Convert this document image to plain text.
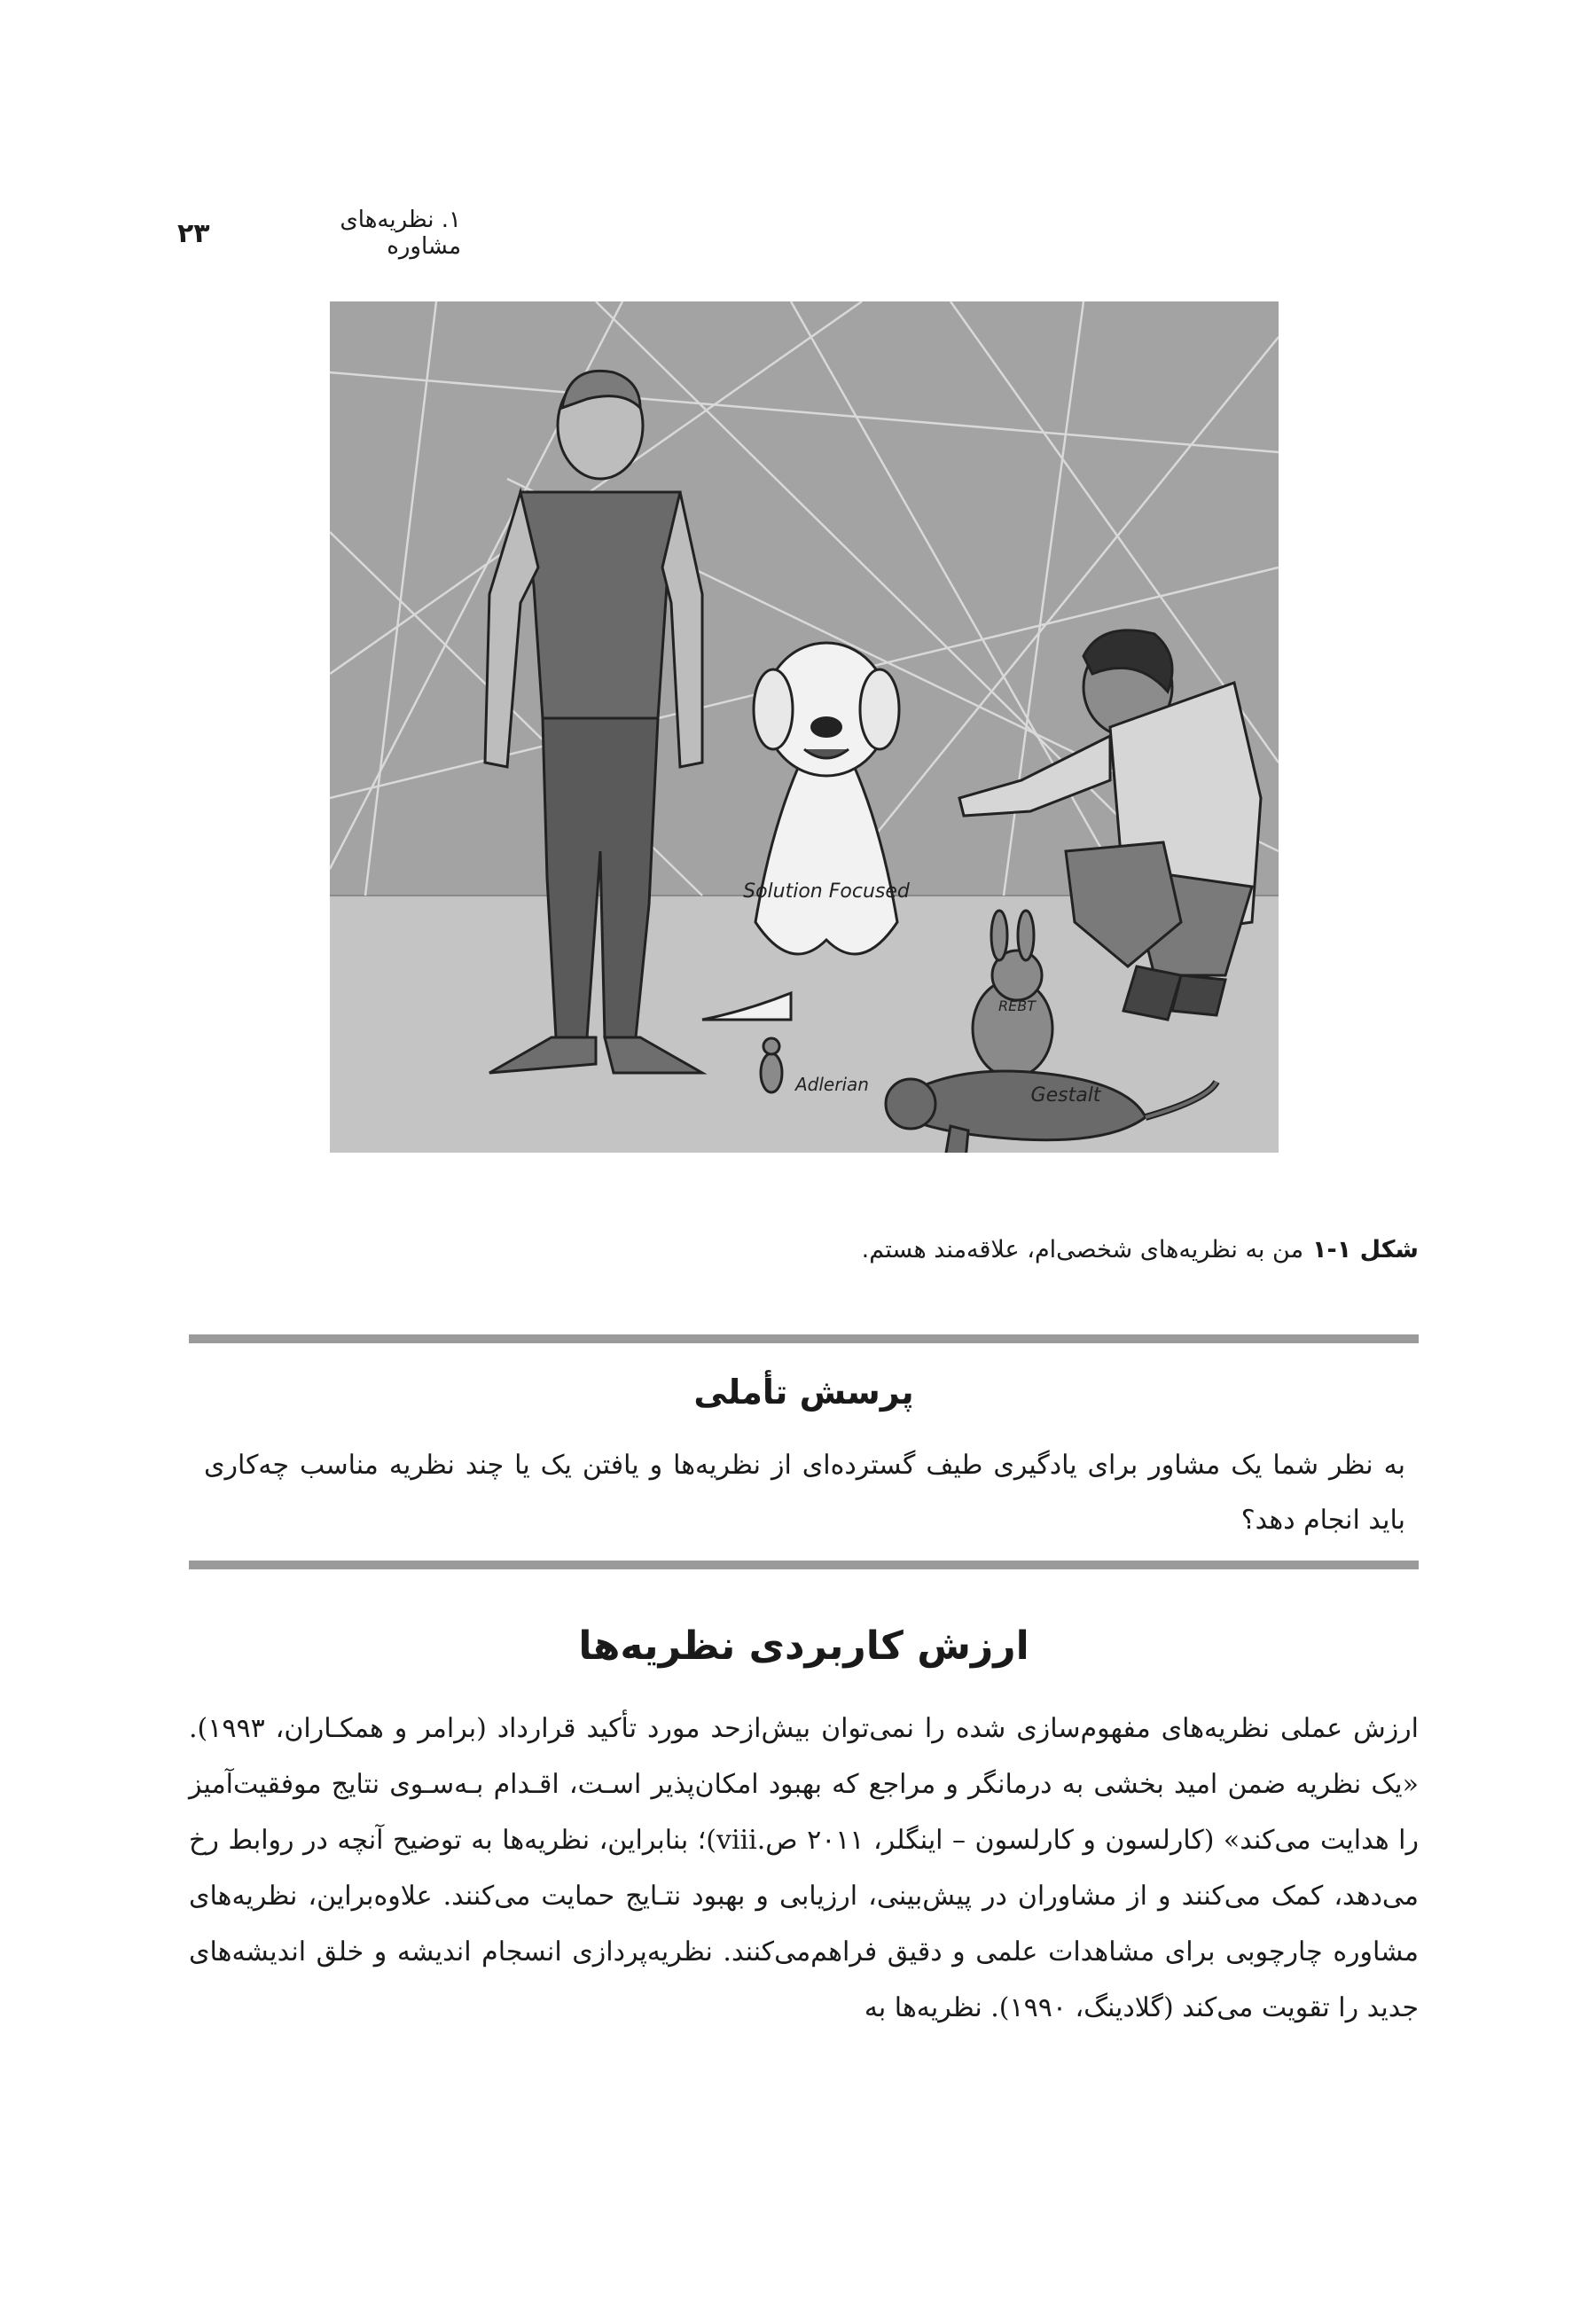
۱. نظریه‌های مشاوره
۲۳
Solution Focused
REBT
Adlerian	Gestalt
شکل ۱-۱من به نظریه‌های شخصی‌ام، علاقه‌مند هستم.
پرسش تأملی
به نظر شما یک مشاور برای یادگیری طیف گسترده‌ای از نظریه‌ها و یافتن یک یا چند نظریه مناسب چه‌کاری باید انجام دهد؟
ارزش کاربردی نظریه‌ها
ارزش عملی نظریه‌های مفهوم‌سازی شده را نمی‌توان بیش‌ازحد مورد تأکید قرارداد (برامر و همکـاران، ۱۹۹۳). «یک نظریه ضمن امید بخشی به درمانگر و مراجع که بهبود امکان‌پذیر اسـت، اقـدام بـه‌سـوی نتایج موفقیت‌آمیز را هدایت می‌کند» (کارلسون و کارلسون – اینگلر، ۲۰۱۱ ص.viii)؛ بنابراین، نظریه‌ها به توضیح آنچه در روابط رخ می‌دهد، کمک می‌کنند و از مشاوران در پیش‌بینی، ارزیابی و بهبود نتـایج حمایت می‌کنند. علاوه‌براین، نظریه‌های مشاوره چارچوبی برای مشاهدات علمی و دقیق فراهم‌می‌کنند. نظریه‌پردازی انسجام اندیشه و خلق اندیشه‌های جدید را تقویت می‌کند (گلادینگ، ۱۹۹۰). نظریه‌ها به
